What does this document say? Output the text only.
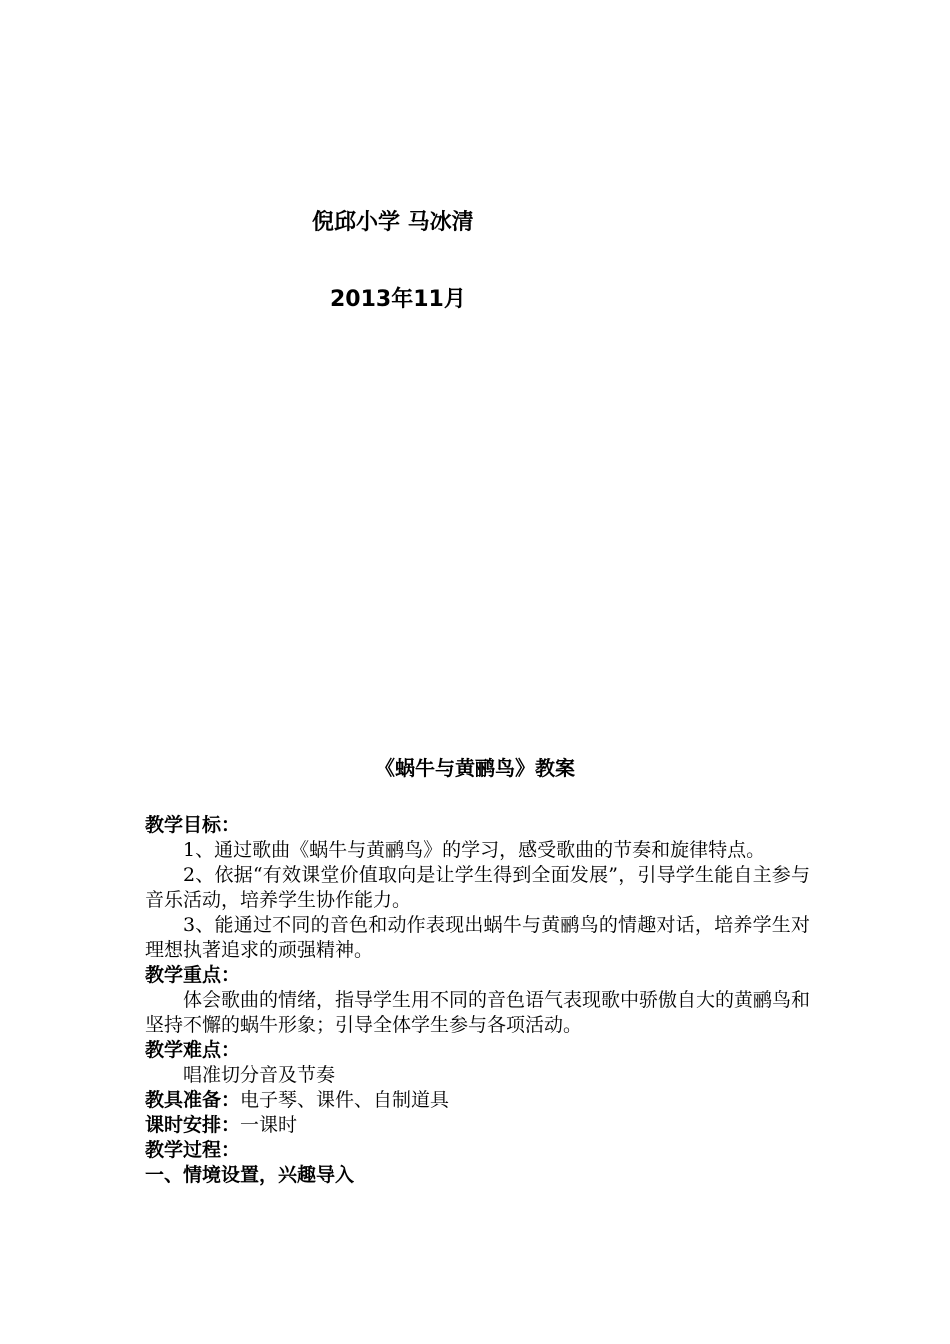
倪邱小学 马冰清
2013年11月
《蜗牛与黄鹂鸟》教案

教学目标：

1、通过歌曲《蜗牛与黄鹂鸟》的学习，感受歌曲的节奏和旋律特点。

2、依据“有效课堂价值取向是让学生得到全面发展”，引导学生能自主参与音乐活动，培养学生协作能力。

3、能通过不同的音色和动作表现出蜗牛与黄鹂鸟的情趣对话，培养学生对理想执著追求的顽强精神。

教学重点：

体会歌曲的情绪，指导学生用不同的音色语气表现歌中骄傲自大的黄鹂鸟和坚持不懈的蜗牛形象；引导全体学生参与各项活动。

教学难点：

唱准切分音及节奏

教具准备：电子琴、课件、自制道具

课时安排：一课时

教学过程：

一、情境设置，兴趣导入
